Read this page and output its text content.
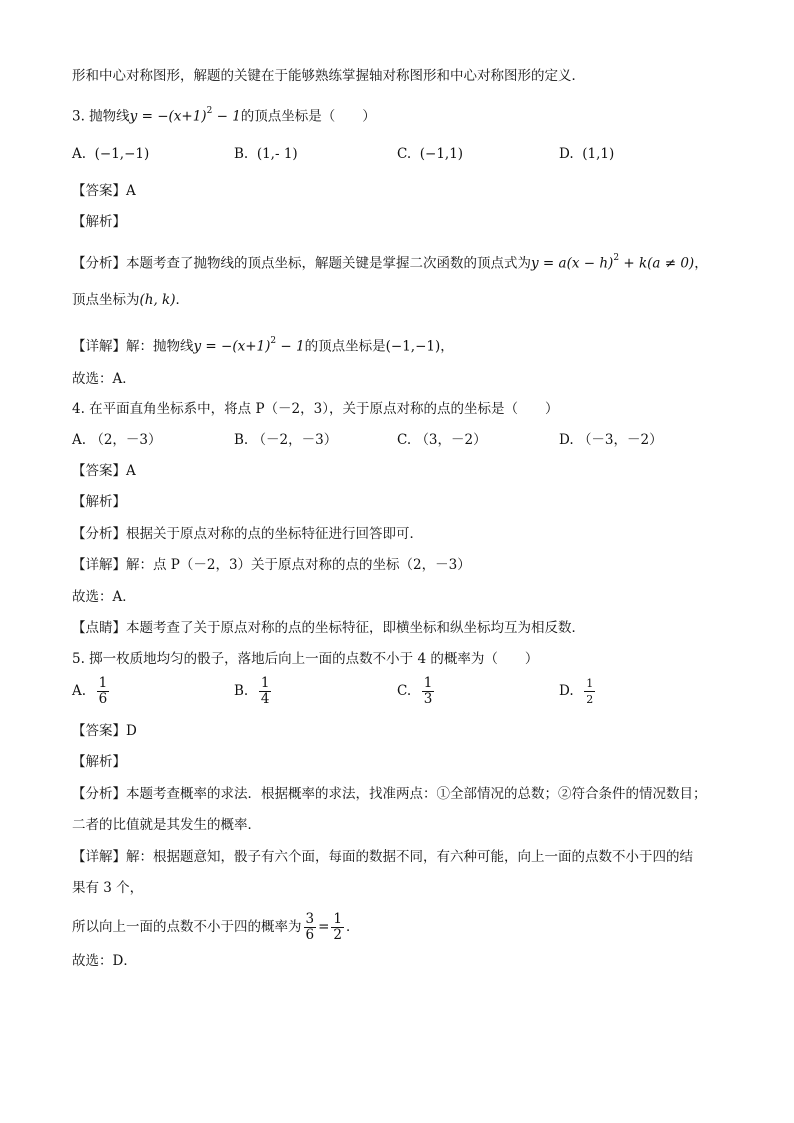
形和中心对称图形，解题的关键在于能够熟练掌握轴对称图形和中心对称图形的定义．
3. 抛物线$y = -(x+1)^2 - 1$的顶点坐标是（　　）
A. (−1,−1)	B. (1,- 1)	C. (−1,1)	D. (1,1)
【答案】A
【解析】
【分析】本题考查了抛物线的顶点坐标，解题关键是掌握二次函数的顶点式为$y = a(x - h)^2 + k(a \ne 0)$，
顶点坐标为(h, k)．
【详解】解：抛物线$y = -(x+1)^2 - 1$的顶点坐标是(−1,−1)，
故选：A．
4. 在平面直角坐标系中，将点 P（－2，3），关于原点对称的点的坐标是（　　）
A. （2，－3）	B. （－2，－3）	C. （3，－2）	D. （－3，－2）
【答案】A
【解析】
【分析】根据关于原点对称的点的坐标特征进行回答即可．
【详解】解：点 P（－2，3）关于原点对称的点的坐标（2，－3）
故选：A．
【点睛】本题考查了关于原点对称的点的坐标特征，即横坐标和纵坐标均互为相反数．
5. 掷一枚质地均匀的骰子，落地后向上一面的点数不小于 4 的概率为（　　）
A. $\frac{1}{6}$	B. $\frac{1}{4}$	C. $\frac{1}{3}$	D. $\frac{1}{2}$
【答案】D
【解析】
【分析】本题考查概率的求法．根据概率的求法，找准两点：①全部情况的总数；②符合条件的情况数目；
二者的比值就是其发生的概率．
【详解】解：根据题意知，骰子有六个面，每面的数据不同，有六种可能，向上一面的点数不小于四的结
果有 3 个，
所以向上一面的点数不小于四的概率为 $\frac{3}{6} = \frac{1}{2}$ ．
故选：D．
